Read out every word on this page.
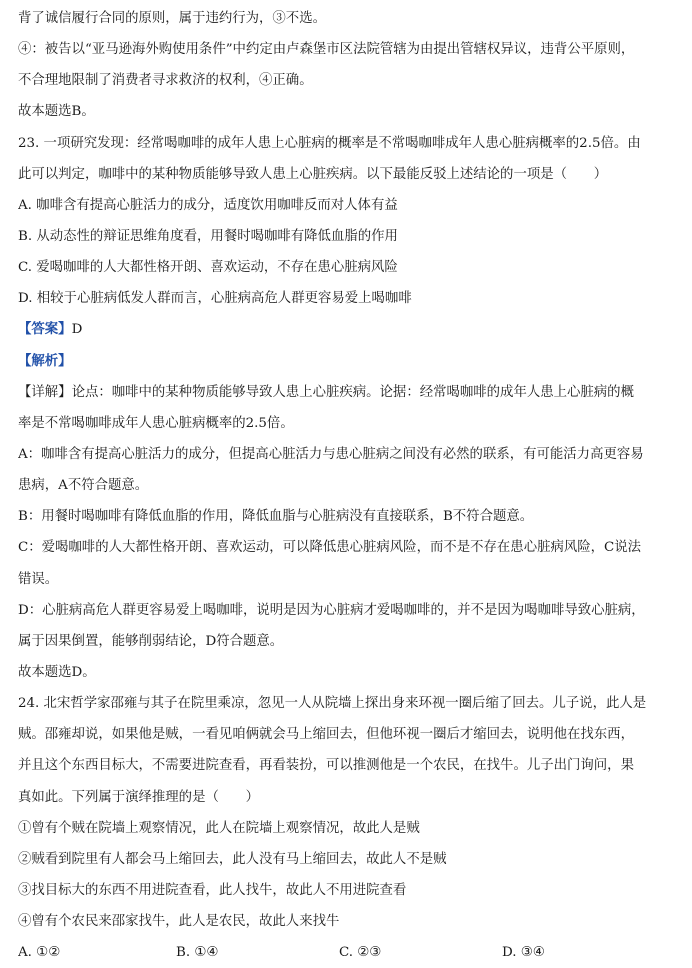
背了诚信履行合同的原则，属于违约行为，③不选。
④：被告以“亚马逊海外购使用条件”中约定由卢森堡市区法院管辖为由提出管辖权异议，违背公平原则，
不合理地限制了消费者寻求救济的权利，④正确。
故本题选B。
23. 一项研究发现：经常喝咖啡的成年人患上心脏病的概率是不常喝咖啡成年人患心脏病概率的2.5倍。由
此可以判定，咖啡中的某种物质能够导致人患上心脏疾病。以下最能反驳上述结论的一项是（　　）
A. 咖啡含有提高心脏活力的成分，适度饮用咖啡反而对人体有益
B. 从动态性的辩证思维角度看，用餐时喝咖啡有降低血脂的作用
C. 爱喝咖啡的人大都性格开朗、喜欢运动，不存在患心脏病风险
D. 相较于心脏病低发人群而言，心脏病高危人群更容易爱上喝咖啡
【答案】D
【解析】
【详解】论点：咖啡中的某种物质能够导致人患上心脏疾病。论据：经常喝咖啡的成年人患上心脏病的概
率是不常喝咖啡成年人患心脏病概率的2.5倍。
A：咖啡含有提高心脏活力的成分，但提高心脏活力与患心脏病之间没有必然的联系，有可能活力高更容易
患病，A不符合题意。
B：用餐时喝咖啡有降低血脂的作用，降低血脂与心脏病没有直接联系，B不符合题意。
C：爱喝咖啡的人大都性格开朗、喜欢运动，可以降低患心脏病风险，而不是不存在患心脏病风险，C说法
错误。
D：心脏病高危人群更容易爱上喝咖啡，说明是因为心脏病才爱喝咖啡的，并不是因为喝咖啡导致心脏病，
属于因果倒置，能够削弱结论，D符合题意。
故本题选D。
24. 北宋哲学家邵雍与其子在院里乘凉，忽见一人从院墙上探出身来环视一圈后缩了回去。儿子说，此人是
贼。邵雍却说，如果他是贼，一看见咱俩就会马上缩回去，但他环视一圈后才缩回去，说明他在找东西，
并且这个东西目标大，不需要进院查看，再看装扮，可以推测他是一个农民，在找牛。儿子出门询问，果
真如此。下列属于演绎推理的是（　　）
①曾有个贼在院墙上观察情况，此人在院墙上观察情况，故此人是贼
②贼看到院里有人都会马上缩回去，此人没有马上缩回去，故此人不是贼
③找目标大的东西不用进院查看，此人找牛，故此人不用进院查看
④曾有个农民来邵家找牛，此人是农民，故此人来找牛
A. ①②	B. ①④	C. ②③	D. ③④
